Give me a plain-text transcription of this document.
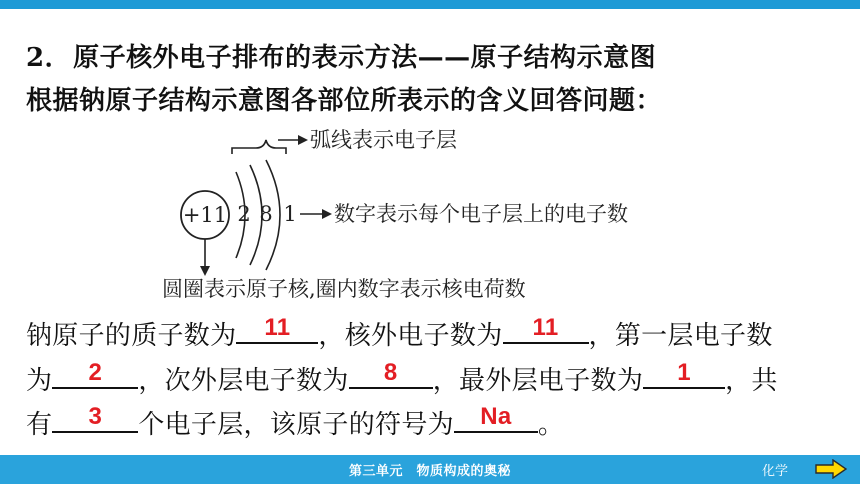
2．原子核外电子排布的表示方法——原子结构示意图
根据钠原子结构示意图各部位所表示的含义回答问题：
弧线表示电子层
+11 2 8 1 数字表示每个电子层上的电子数
圆圈表示原子核,圈内数字表示核电荷数
钠原子的质子数为	11	，核外电子数为	11	，第一层电子数
为	2	，次外层电子数为	8	，最外层电子数为	1	，共
有	3	个电子层，该原子的符号为	Na	。
第三单元　物质构成的奥秘	化学
